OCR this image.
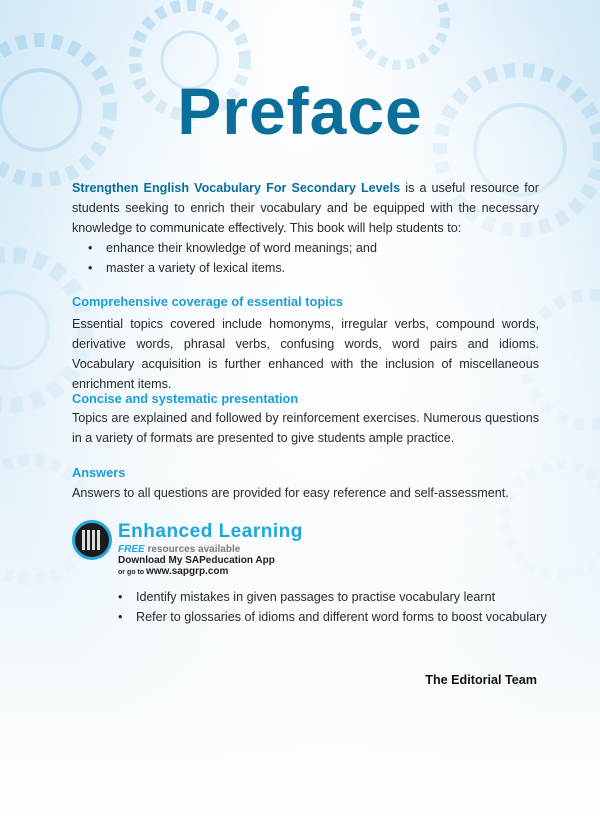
Preface

Strengthen English Vocabulary For Secondary Levels is a useful resource for students seeking to enrich their vocabulary and be equipped with the necessary knowledge to communicate effectively. This book will help students to:

• enhance their knowledge of word meanings; and
• master a variety of lexical items.
Comprehensive coverage of essential topics

Essential topics covered include homonyms, irregular verbs, compound words, derivative words, phrasal verbs, confusing words, word pairs and idioms. Vocabulary acquisition is further enhanced with the inclusion of miscellaneous enrichment items.

Concise and systematic presentation

Topics are explained and followed by reinforcement exercises. Numerous questions in a variety of formats are presented to give students ample practice.

Answers

Answers to all questions are provided for easy reference and self-assessment.

Enhanced Learning

FREE resources available

Download My SAPeducation App

or go to www.sapgrp.com

• Identify mistakes in given passages to practise vocabulary learnt
• Refer to glossaries of idioms and different word forms to boost vocabulary

The Editorial Team
